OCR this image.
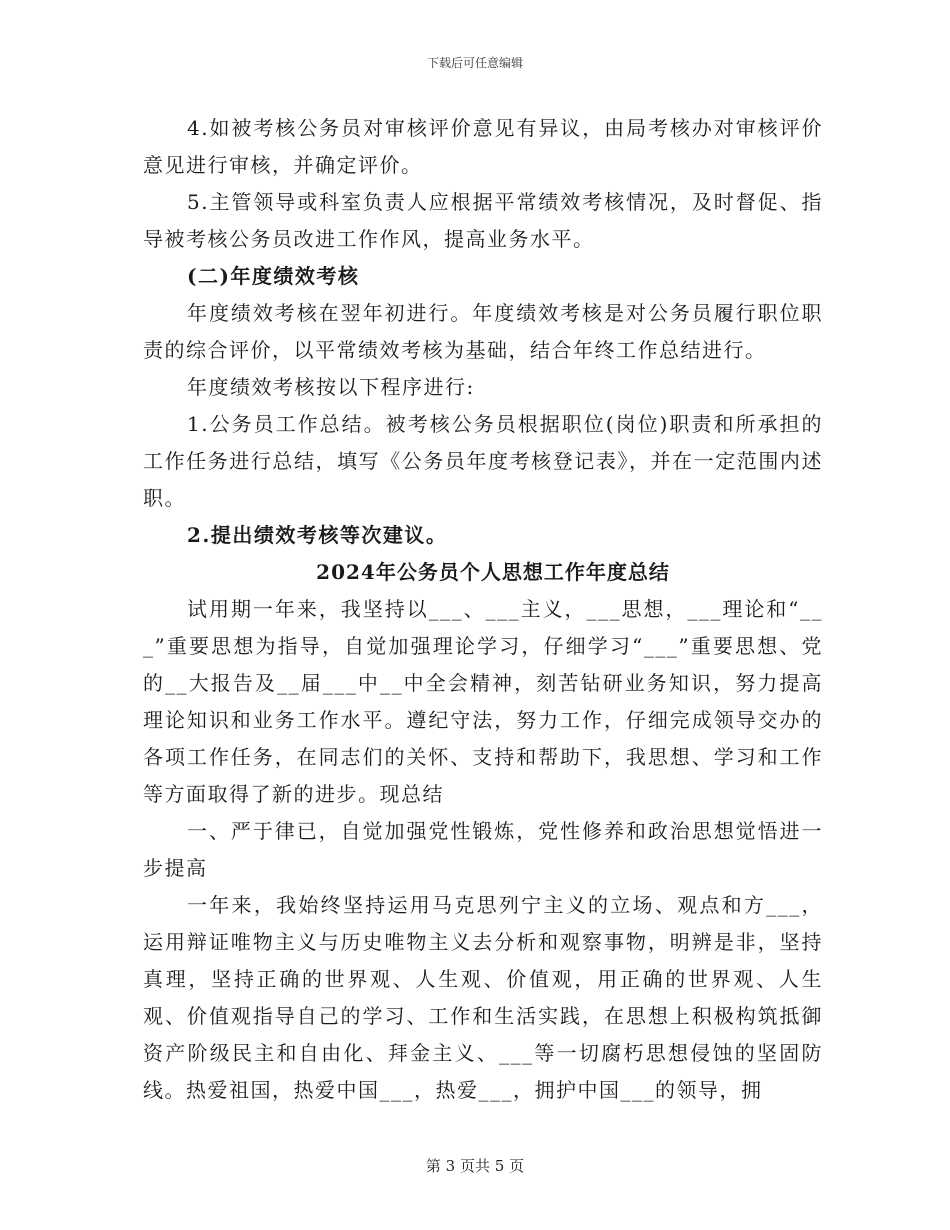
下载后可任意编辑

4.如被考核公务员对审核评价意见有异议，由局考核办对审核评价意见进行审核，并确定评价。

5.主管领导或科室负责人应根据平常绩效考核情况，及时督促、指导被考核公务员改进工作作风，提高业务水平。

(二)年度绩效考核

年度绩效考核在翌年初进行。年度绩效考核是对公务员履行职位职责的综合评价，以平常绩效考核为基础，结合年终工作总结进行。

年度绩效考核按以下程序进行:

1.公务员工作总结。被考核公务员根据职位(岗位)职责和所承担的工作任务进行总结，填写《公务员年度考核登记表》，并在一定范围内述职。

2.提出绩效考核等次建议。

2024年公务员个人思想工作年度总结

试用期一年来，我坚持以___、___主义，___思想，___理论和“___”重要思想为指导，自觉加强理论学习，仔细学习“___”重要思想、党的__大报告及__届___中__中全会精神，刻苦钻研业务知识，努力提高理论知识和业务工作水平。遵纪守法，努力工作，仔细完成领导交办的各项工作任务，在同志们的关怀、支持和帮助下，我思想、学习和工作等方面取得了新的进步。现总结

一、严于律已，自觉加强党性锻炼，党性修养和政治思想觉悟进一步提高

一年来，我始终坚持运用马克思列宁主义的立场、观点和方___，运用辩证唯物主义与历史唯物主义去分析和观察事物，明辨是非，坚持真理，坚持正确的世界观、人生观、价值观，用正确的世界观、人生观、价值观指导自己的学习、工作和生活实践，在思想上积极构筑抵御资产阶级民主和自由化、拜金主义、___等一切腐朽思想侵蚀的坚固防线。热爱祖国，热爱中国___，热爱___，拥护中国___的领导，拥

第 3 页共 5 页
